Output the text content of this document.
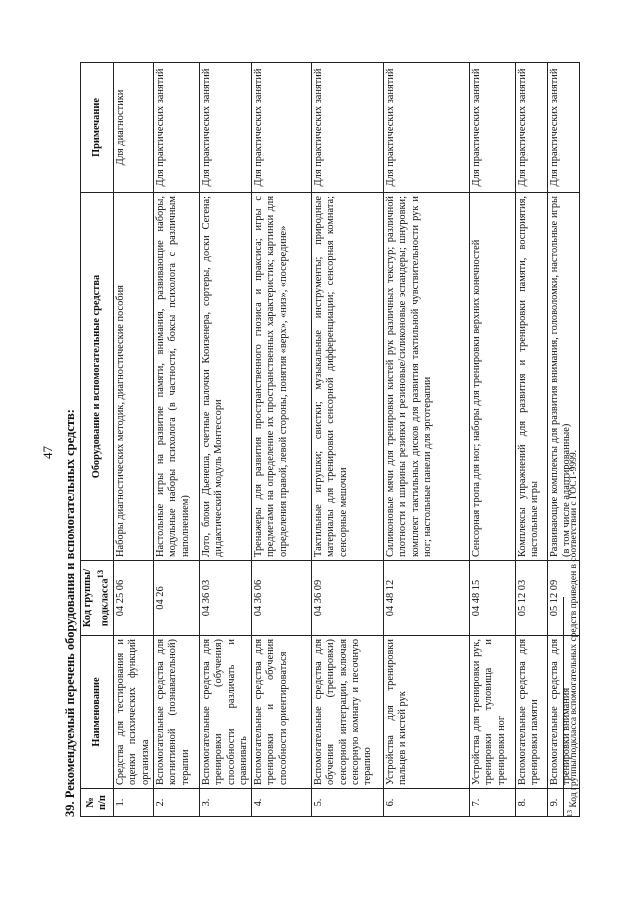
47 39. Рекомендуемый перечень оборудования и вспомогательных средств: № п/п	Наименование	Код группы/ подкласса$^{13}$	Оборудование и вспомогательные средства	Примечание
1.	Средства для тестирования и оценки психических функций организма	04 25 06	Наборы диагностических методик, диагностические пособия	Для диагностики
2.	Вспомогательные средства для когнитивной (познавательной) терапии	04 26	Настольные игры на развитие памяти, внимания, развивающие наборы, модульные наборы психолога (в частности, боксы психолога с различным наполнением)	Для практических занятий
3.	Вспомогательные средства для тренировки (обучения) способности различать и сравнивать	04 36 03	Лото, блоки Дьенеша, счетные палочки Кюизенера, сортеры, доски Сегена; дидактический модуль Монтессори	Для практических занятий
4.	Вспомогательные средства для тренировки и обучения способности ориентироваться	04 36 06	Тренажеры для развития пространственного гнозиса и праксиса; игры с предметами на определение их пространственных характеристик; картинки для определения правой, левой стороны, понятия «верх», «низ», «посередине»	Для практических занятий
5.	Вспомогательные средства для обучения (тренировки) сенсорной интеграции, включая сенсорную комнату и песочную терапию	04 36 09	Тактильные игрушки; свистки; музыкальные инструменты; природные материалы для тренировки сенсорной дифференциации; сенсорная комната; сенсорные мешочки	Для практических занятий
6.	Устройства для тренировки пальцев и кистей рук	04 48 12	Силиконовые мячи для тренировки кистей рук различных текстур; различной плотности и ширины резинки и резиновые/силиконовые эспандеры; шнуровки; комплект тактильных дисков для развития тактильной чувствительности рук и ног; настольные панели для эрготерапии	Для практических занятий
7.	Устройства для тренировки рук, тренировки туловища и тренировки ног	04 48 15	Сенсорная тропа для ног; наборы для тренировки верхних конечностей	Для практических занятий
8.	Вспомогательные средства для тренировки памяти	05 12 03	Комплексы упражнений для развития и тренировки памяти, восприятия, настольные игры	Для практических занятий
9.	Вспомогательные средства для тренировки внимания	05 12 09	Развивающие комплекты для развития внимания, головоломки, настольные игры (в том числе адаптированные)	Для практических занятий
$^{13}$ Код группы/подкласса вспомогательных средств приведен в соответствии с ГОСТ-9999.
